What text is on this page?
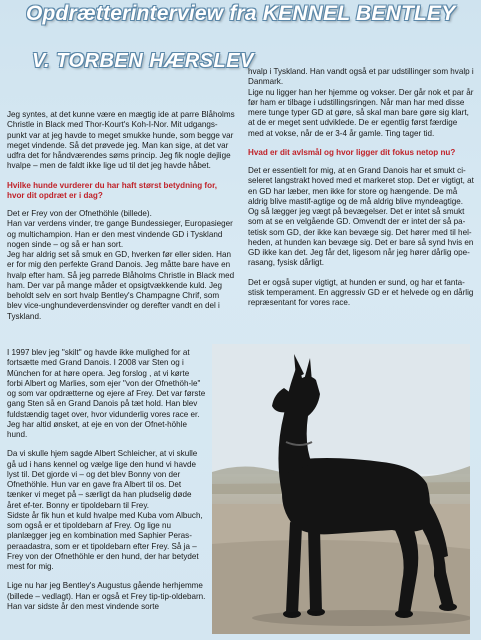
Opdrætterinterview fra KENNEL BENTLEY
V. TORBEN HÆRSLEV

Jeg syntes, at det kunne være en mægtig ide at parre Blåholms Christle in Black med Thor-Kourt's Koh-I-Nor. Mit udgangs-punkt var at jeg havde to meget smukke hunde, som begge var meget vindende. Så det prøvede jeg. Man kan sige, at det var udfra det for håndværendes søms princip. Jeg fik nogle dejlige hvalpe – men de faldt ikke lige ud til det jeg havde håbet.

Hvilke hunde vurderer du har haft størst betydning for, hvor dit opdræt er i dag?

Det er Frey von der Ofnethöhle (billede).

Han var verdens vinder, tre gange Bundessieger, Europasieger og multichampion. Han er den mest vindende GD i Tyskland nogen sinde – og så er han sort.

Jeg har aldrig set så smuk en GD, hverken før eller siden. Han er for mig den perfekte Grand Danois. Jeg måtte bare have en hvalp efter ham. Så jeg parrede Blåholms Christle in Black med ham. Der var på mange måder et opsigtvækkende kuld. Jeg beholdt selv en sort hvalp Bentley's Champagne Chrif, som blev vice-unghundeverdensvinder og derefter vandt en del i Tyskland.

hvalp i Tyskland. Han vandt også et par udstillinger som hvalp i Danmark.

Lige nu ligger han her hjemme og vokser. Der går nok et par år før ham er tilbage i udstillingsringen. Når man har med disse mere tunge typer GD at gøre, så skal man bare gøre sig klart, at de er meget sent udviklede. De er egentlig først færdige med at vokse, når de er 3-4 år gamle. Ting tager tid.

Hvad er dit avlsmål og hvor ligger dit fokus netop nu?

Det er essentielt for mig, at en Grand Danois har et smukt ci-seleret langstrakt hoved med et markeret stop. Det er vigtigt, at en GD har læber, men ikke for store og hængende. De må aldrig blive mastif-agtige og de må aldrig blive myndeagtige. Og så lægger jeg vægt på bevægelser. Det er intet så smukt som at se en velgående GD. Omvendt der er intet der så pa-tetisk som GD, der ikke kan bevæge sig. Det hører med til hel-heden, at hunden kan bevæge sig. Det er bare så synd hvis en GD ikke kan det. Jeg får det, ligesom når jeg hører dårlig ope-rasang, fysisk dårligt.

Det er også super vigtigt, at hunden er sund, og har et fanta-stisk temperament. En aggressiv GD er et helvede og en dårlig repræsentant for vores race.

I 1997 blev jeg "skilt" og havde ikke mulighed for at fortsætte med Grand Danois. I 2008 var Sten og i München for at høre opera. Jeg forslog , at vi kørte forbi Albert og Marlies, som ejer "von der Ofnethöh-le" og som var opdrætterne og ejere af Frey. Det var første gang Sten så en Grand Danois på tæt hold. Han blev fuldstændig taget over, hvor vidunderlig vores race er. Jeg har altid ønsket, at eje en von der Ofnet-höhle hund.

Da vi skulle hjem sagde Albert Schleicher, at vi skulle gå ud i hans kennel og vælge lige den hund vi havde lyst til. Det gjorde vi – og det blev Bonny von der Ofnethöhle. Hun var en gave fra Albert til os. Det tænker vi meget på – særligt da han pludselig døde året ef-ter. Bonny er tipoldebarn til Frey.

Sidste år fik hun et kuld hvalpe med Kuba vom Albuch, som også er et tipoldebarn af Frey. Og lige nu planlægger jeg en kombination med Saphier Peras-peraadastra, som er et tipoldebarn efter Frey. Så ja – Frey von der Ofnethöhle er den hund, der har betydet mest for mig.

Lige nu har jeg Bentley's Augustus gående herhjemme (billede – vedlagt). Han er også et Frey tip-tip-oldebarn. Han var sidste år den mest vindende sorte
